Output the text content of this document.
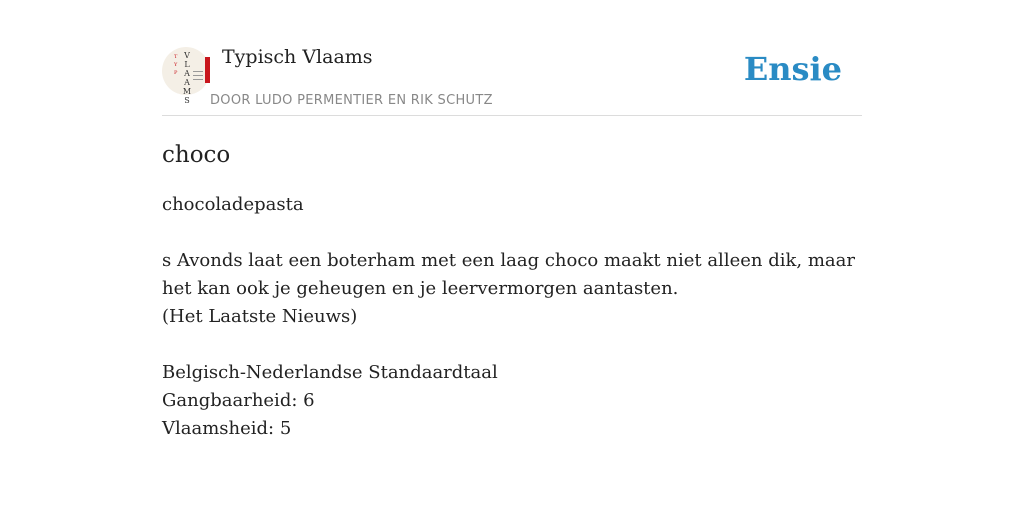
T
Y
P
V
L
A
A
M
S
Typisch Vlaams
DOOR LUDO PERMENTIER EN RIK SCHUTZ
Ensie
choco

chocoladepasta

s Avonds laat een boterham met een laag choco maakt niet alleen dik, maar het kan ook je geheugen en je leervermorgen aantasten.

(Het Laatste Nieuws)

Belgisch-Nederlandse Standaardtaal

Gangbaarheid: 6

Vlaamsheid: 5
